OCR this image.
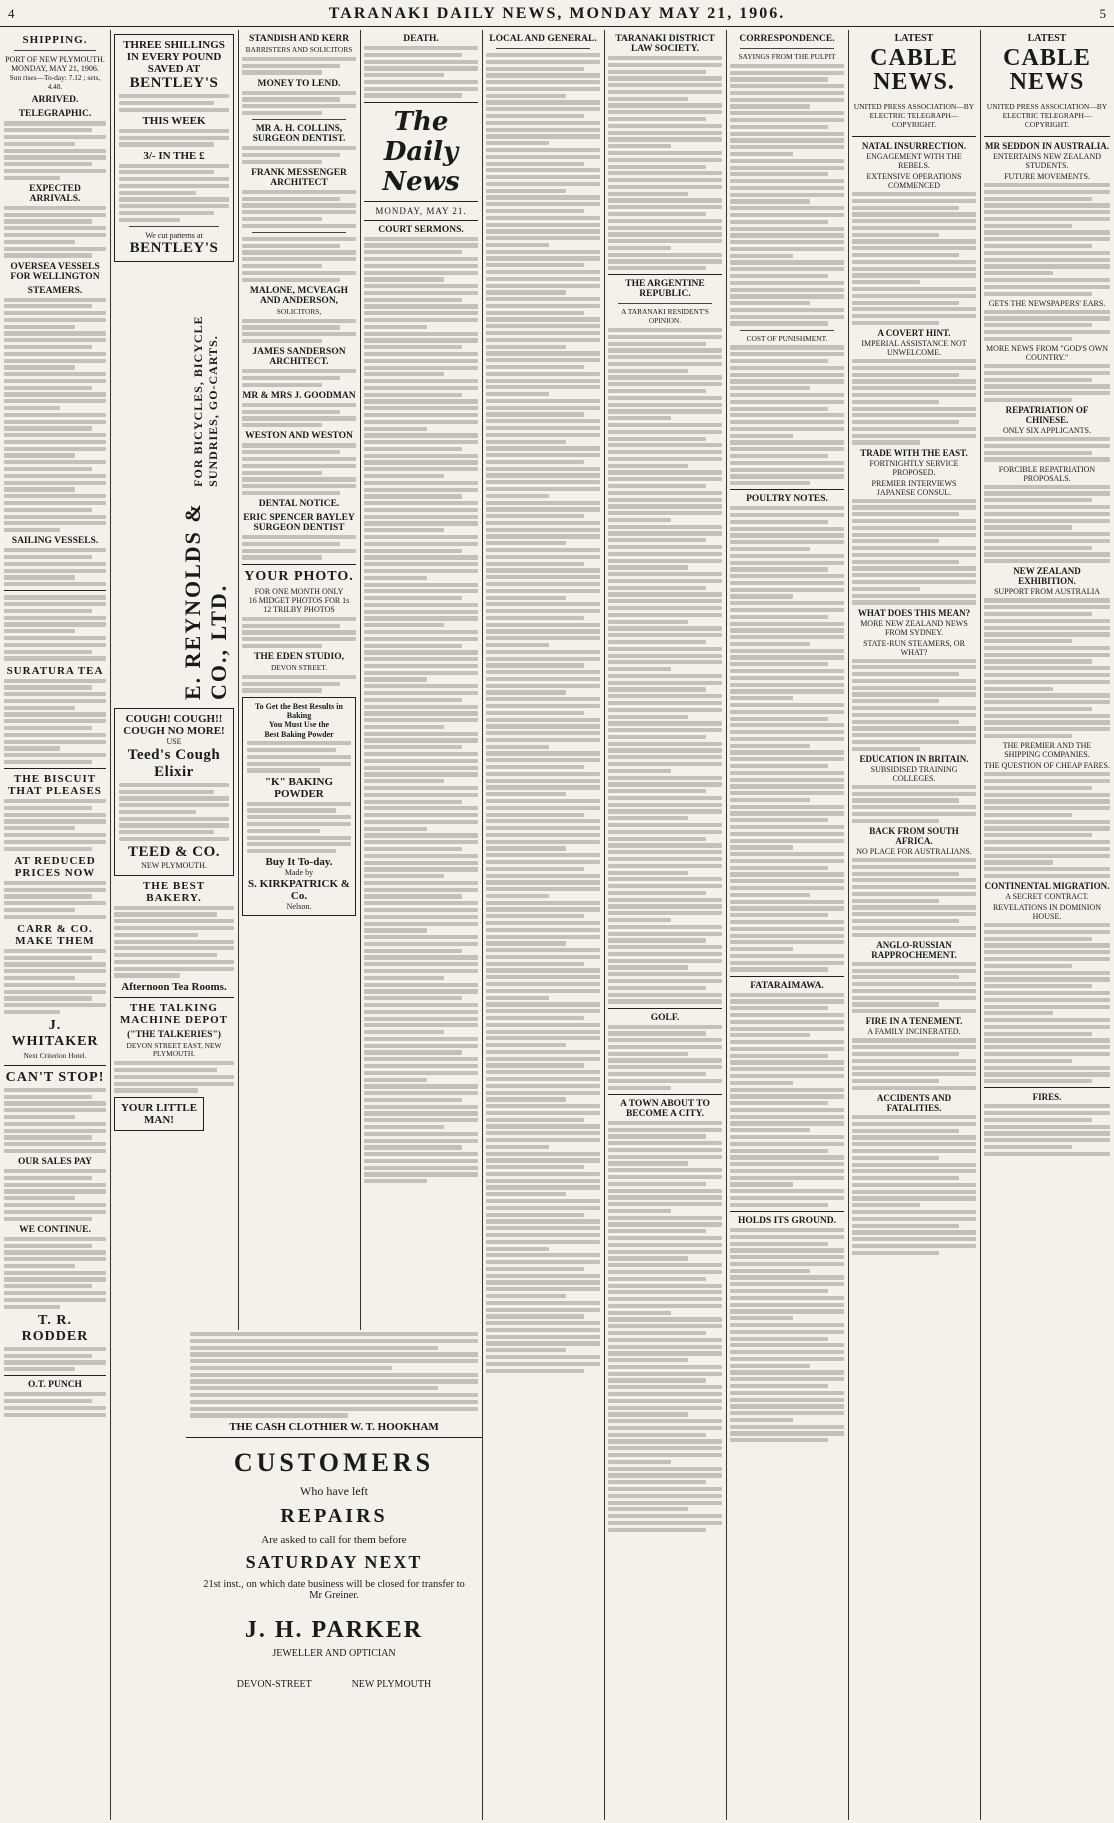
4	TARANAKI DAILY NEWS, MONDAY MAY 21, 1906.	5
SHIPPING.

PORT OF NEW PLYMOUTH.

MONDAY, MAY 21, 1906.

Sun rises—To-day: 7.12 ; sets, 4.48.

ARRIVED.
TELEGRAPHIC.
EXPECTED ARRIVALS.
OVERSEA VESSELS FOR WELLINGTON
STEAMERS.
SAILING VESSELS.
SURATURA TEA
THE BISCUIT THAT PLEASES
AT REDUCED PRICES NOW
CARR & CO. MAKE THEM
J. WHITAKER

Next Criterion Hotel.

CAN'T STOP!
OUR SALES PAY
WE CONTINUE.
T. R. RODDER
O.T. PUNCH
THREE SHILLINGS
IN EVERY POUND
SAVED AT
BENTLEY'S
THIS WEEK
3/- IN THE £
We cut patterns at
BENTLEY'S
COUGH! COUGH!!
COUGH NO MORE!
USE
Teed's Cough Elixir
TEED & CO.
NEW PLYMOUTH.
THE BEST BAKERY.
Afternoon Tea Rooms.
THE TALKING MACHINE DEPOT
("THE TALKERIES")

DEVON STREET EAST, NEW PLYMOUTH.

YOUR LITTLE MAN!
E. REYNOLDS & CO., LTD.
FOR BICYCLES, BICYCLE SUNDRIES, GO-CARTS.
STANDISH AND KERR

BARRISTERS AND SOLICITORS

MONEY TO LEND.
MR A. H. COLLINS, SURGEON DENTIST.
FRANK MESSENGER ARCHITECT
MALONE, MCVEAGH AND ANDERSON,

SOLICITORS,

JAMES SANDERSON ARCHITECT.
MR & MRS J. GOODMAN
WESTON AND WESTON
DENTAL NOTICE.
ERIC SPENCER BAYLEY SURGEON DENTIST
YOUR PHOTO.

FOR ONE MONTH ONLY

16 MIDGET PHOTOS FOR 1s

12 TRILBY PHOTOS

THE EDEN STUDIO,

DEVON STREET.

To Get the Best Results in Baking
You Must Use the
Best Baking Powder
"K" BAKING POWDER
Buy It To-day.
Made by
S. KIRKPATRICK & Co.
Nelson.
THE CASH CLOTHIER W. T. HOOKHAM
CUSTOMERS
Who have left
REPAIRS
Are asked to call for them before
SATURDAY NEXT
21st inst., on which date business will be closed for transfer to Mr Greiner.
J. H. PARKER
JEWELLER AND OPTICIAN
DEVON-STREET                NEW PLYMOUTH
DEATH.
The Daily News
MONDAY, MAY 21.
COURT SERMONS.
LOCAL AND GENERAL.	TARANAKI DISTRICT LAW SOCIETY.
THE ARGENTINE REPUBLIC.

A TARANAKI RESIDENT'S OPINION.

GOLF.
A TOWN ABOUT TO BECOME A CITY.
CORRESPONDENCE.

SAYINGS FROM THE PULPIT

COST OF PUNISHMENT.

POULTRY NOTES.
FATARAIMAWA.
HOLDS ITS GROUND.
LATEST
CABLE NEWS.

UNITED PRESS ASSOCIATION—BY ELECTRIC TELEGRAPH—COPYRIGHT.

NATAL INSURRECTION.
ENGAGEMENT WITH THE REBELS.
EXTENSIVE OPERATIONS COMMENCED
A COVERT HINT.
IMPERIAL ASSISTANCE NOT UNWELCOME.
TRADE WITH THE EAST.
FORTNIGHTLY SERVICE PROPOSED.
PREMIER INTERVIEWS JAPANESE CONSUL.
WHAT DOES THIS MEAN?
MORE NEW ZEALAND NEWS FROM SYDNEY.
STATE-RUN STEAMERS, OR WHAT?
EDUCATION IN BRITAIN.
SUBSIDISED TRAINING COLLEGES.
BACK FROM SOUTH AFRICA.
NO PLACE FOR AUSTRALIANS.
ANGLO-RUSSIAN RAPPROCHEMENT.
FIRE IN A TENEMENT.
A FAMILY INCINERATED.
ACCIDENTS AND FATALITIES.
LATEST
CABLE NEWS

UNITED PRESS ASSOCIATION—BY ELECTRIC TELEGRAPH—COPYRIGHT.

MR SEDDON IN AUSTRALIA.
ENTERTAINS NEW ZEALAND STUDENTS.
FUTURE MOVEMENTS.
GETS THE NEWSPAPERS' EARS.
MORE NEWS FROM "GOD'S OWN COUNTRY."
REPATRIATION OF CHINESE.
ONLY SIX APPLICANTS.
FORCIBLE REPATRIATION PROPOSALS.
NEW ZEALAND EXHIBITION.
SUPPORT FROM AUSTRALIA
THE PREMIER AND THE SHIPPING COMPANIES.
THE QUESTION OF CHEAP FARES.
CONTINENTAL MIGRATION.
A SECRET CONTRACT.
REVELATIONS IN DOMINION HOUSE.
FIRES.
